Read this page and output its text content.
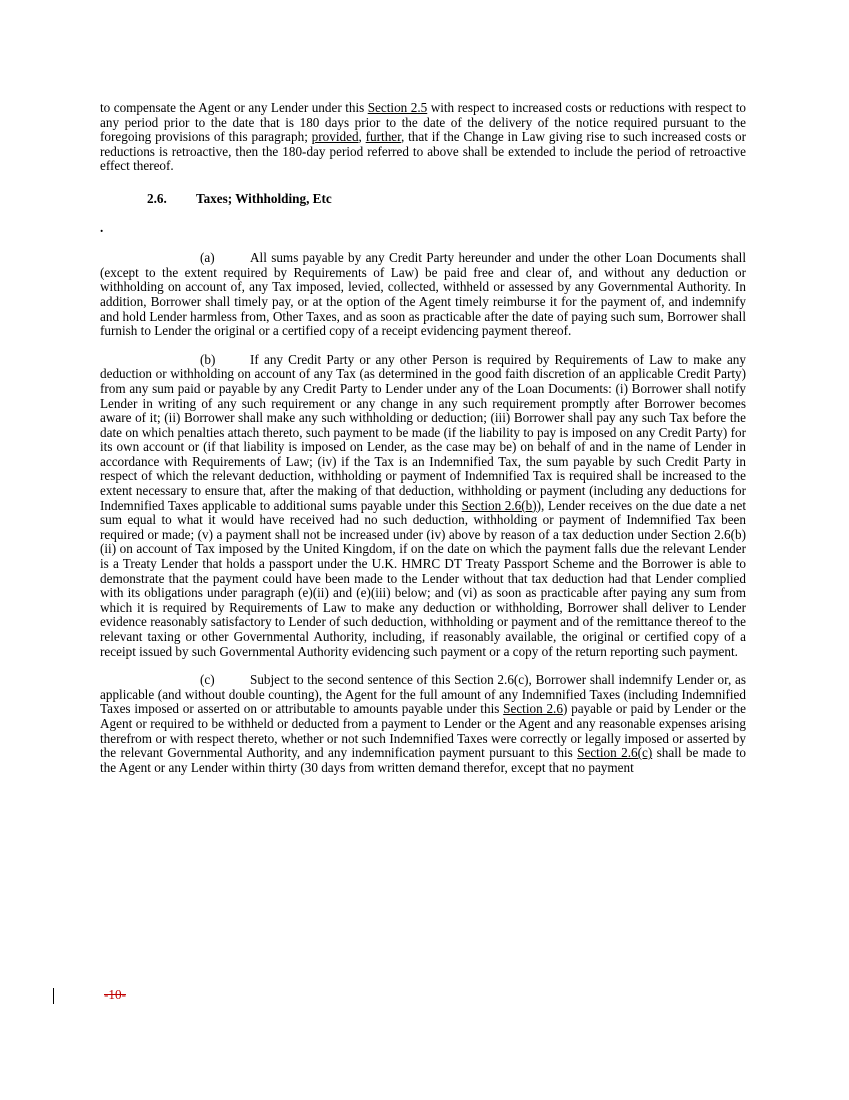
to compensate the Agent or any Lender under this Section 2.5 with respect to increased costs or reductions with respect to any period prior to the date that is 180 days prior to the date of the delivery of the notice required pursuant to the foregoing provisions of this paragraph; provided, further, that if the Change in Law giving rise to such increased costs or reductions is retroactive, then the 180-day period referred to above shall be extended to include the period of retroactive effect thereof.

2.6. Taxes; Withholding, Etc

.

(a)	All sums payable by any Credit Party hereunder and under the other Loan Documents shall (except to the extent required by Requirements of Law) be paid free and clear of, and without any deduction or withholding on account of, any Tax imposed, levied, collected, withheld or assessed by any Governmental Authority. In addition, Borrower shall timely pay, or at the option of the Agent timely reimburse it for the payment of, and indemnify and hold Lender harmless from, Other Taxes, and as soon as practicable after the date of paying such sum, Borrower shall furnish to Lender the original or a certified copy of a receipt evidencing payment thereof.

(b)	If any Credit Party or any other Person is required by Requirements of Law to make any deduction or withholding on account of any Tax (as determined in the good faith discretion of an applicable Credit Party) from any sum paid or payable by any Credit Party to Lender under any of the Loan Documents: (i) Borrower shall notify Lender in writing of any such requirement or any change in any such requirement promptly after Borrower becomes aware of it; (ii) Borrower shall make any such withholding or deduction; (iii) Borrower shall pay any such Tax before the date on which penalties attach thereto, such payment to be made (if the liability to pay is imposed on any Credit Party) for its own account or (if that liability is imposed on Lender, as the case may be) on behalf of and in the name of Lender in accordance with Requirements of Law; (iv) if the Tax is an Indemnified Tax, the sum payable by such Credit Party in respect of which the relevant deduction, withholding or payment of Indemnified Tax is required shall be increased to the extent necessary to ensure that, after the making of that deduction, withholding or payment (including any deductions for Indemnified Taxes applicable to additional sums payable under this Section 2.6(b)), Lender receives on the due date a net sum equal to what it would have received had no such deduction, withholding or payment of Indemnified Tax been required or made; (v) a payment shall not be increased under (iv) above by reason of a tax deduction under Section 2.6(b)(ii) on account of Tax imposed by the United Kingdom, if on the date on which the payment falls due the relevant Lender is a Treaty Lender that holds a passport under the U.K. HMRC DT Treaty Passport Scheme and the Borrower is able to demonstrate that the payment could have been made to the Lender without that tax deduction had that Lender complied with its obligations under paragraph (e)(ii) and (e)(iii) below; and (vi) as soon as practicable after paying any sum from which it is required by Requirements of Law to make any deduction or withholding, Borrower shall deliver to Lender evidence reasonably satisfactory to Lender of such deduction, withholding or payment and of the remittance thereof to the relevant taxing or other Governmental Authority, including, if reasonably available, the original or certified copy of a receipt issued by such Governmental Authority evidencing such payment or a copy of the return reporting such payment.

(c)	Subject to the second sentence of this Section 2.6(c), Borrower shall indemnify Lender or, as applicable (and without double counting), the Agent for the full amount of any Indemnified Taxes (including Indemnified Taxes imposed or asserted on or attributable to amounts payable under this Section 2.6) payable or paid by Lender or the Agent or required to be withheld or deducted from a payment to Lender or the Agent and any reasonable expenses arising therefrom or with respect thereto, whether or not such Indemnified Taxes were correctly or legally imposed or asserted by the relevant Governmental Authority, and any indemnification payment pursuant to this Section 2.6(c) shall be made to the Agent or any Lender within thirty (30 days from written demand therefor, except that no payment

-10-
